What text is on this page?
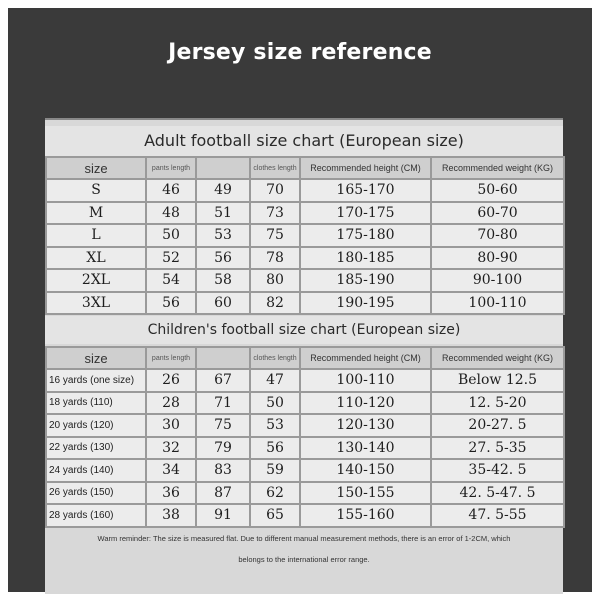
Jersey size reference
Adult football size chart (European size)
size	pants length		clothes length	Recommended height (CM)	Recommended weight (KG)
S	46	49	70	165-170	50-60
M	48	51	73	170-175	60-70
L	50	53	75	175-180	70-80
XL	52	56	78	180-185	80-90
2XL	54	58	80	185-190	90-100
3XL	56	60	82	190-195	100-110
Children's football size chart (European size)
size	pants length		clothes length	Recommended height (CM)	Recommended weight (KG)
16 yards (one size)	26	67	47	100-110	Below 12.5
18 yards (110)	28	71	50	110-120	12. 5-20
20 yards (120)	30	75	53	120-130	20-27. 5
22 yards (130)	32	79	56	130-140	27. 5-35
24 yards (140)	34	83	59	140-150	35-42. 5
26 yards (150)	36	87	62	150-155	42. 5-47. 5
28 yards (160)	38	91	65	155-160	47. 5-55
Warm reminder: The size is measured flat. Due to different manual measurement methods, there is an error of 1-2CM, which
belongs to the international error range.
